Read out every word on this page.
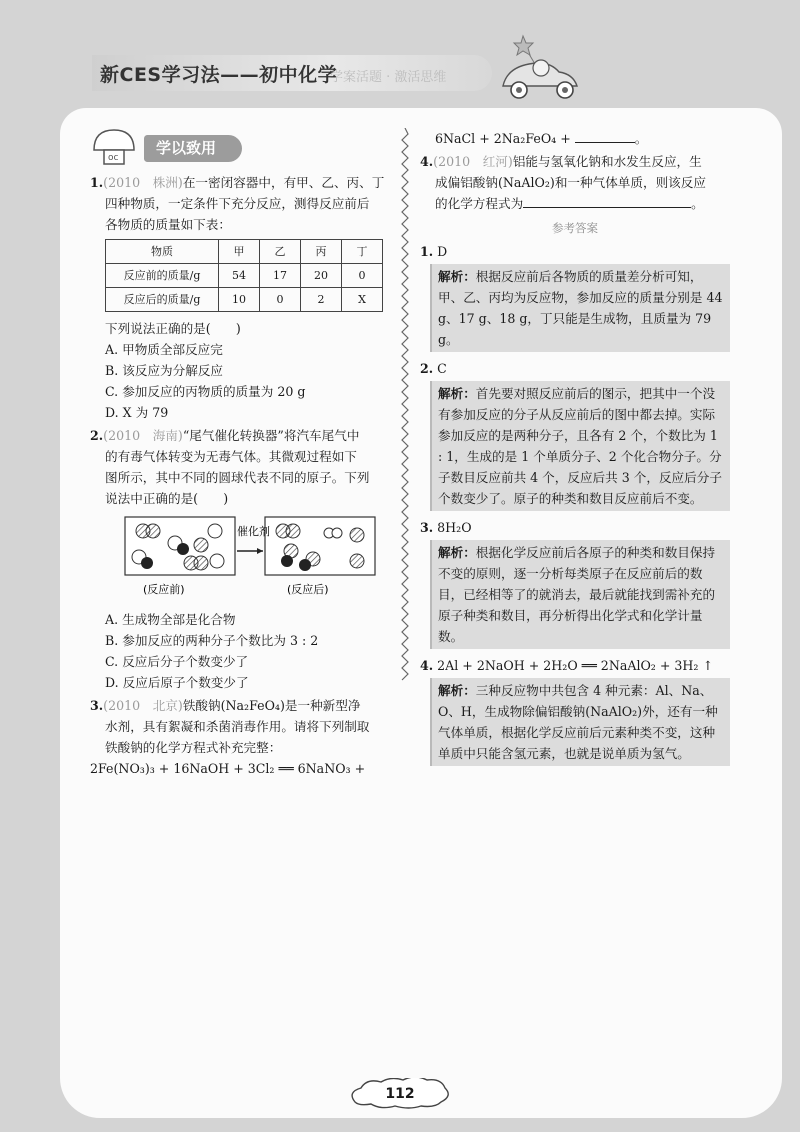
新CES学习法——初中化学
学案活题 · 激活思维
oc
学以致用
1.(2010　株洲)在一密闭容器中，有甲、乙、丙、丁
四种物质，一定条件下充分反应，测得反应前后
各物质的质量如下表：
物质	甲	乙	丙	丁
反应前的质量/g	54	17	20	0
反应后的质量/g	10	0	2	X
下列说法正确的是(　　)
A. 甲物质全部反应完
B. 该反应为分解反应
C. 参加反应的丙物质的质量为 20 g
D. X 为 79
2.(2010　海南)“尾气催化转换器”将汽车尾气中
的有毒气体转变为无毒气体。其微观过程如下
图所示，其中不同的圆球代表不同的原子。下列
说法中正确的是(　　)
催化剂
(反应前)	(反应后)
A. 生成物全部是化合物
B. 参加反应的两种分子个数比为 3 : 2
C. 反应后分子个数变少了
D. 反应后原子个数变少了
3.(2010　北京)铁酸钠(Na₂FeO₄)是一种新型净
水剂，具有絮凝和杀菌消毒作用。请将下列制取
铁酸钠的化学方程式补充完整：
2Fe(NO₃)₃ + 16NaOH + 3Cl₂ ══ 6NaNO₃ +
6NaCl + 2Na₂FeO₄ +	。
4.(2010　红河)铝能与氢氧化钠和水发生反应，生
成偏铝酸钠(NaAlO₂)和一种气体单质，则该反应
的化学方程式为	。
参考答案
1. D
解析：根据反应前后各物质的质量差分析可知，甲、乙、丙均为反应物，参加反应的质量分别是 44 g、17 g、18 g，丁只能是生成物，且质量为 79 g。
2. C
解析：首先要对照反应前后的图示，把其中一个没有参加反应的分子从反应前后的图中都去掉。实际参加反应的是两种分子，且各有 2 个，个数比为 1 : 1，生成的是 1 个单质分子、2 个化合物分子。分子数目反应前共 4 个，反应后共 3 个，反应后分子个数变少了。原子的种类和数目反应前后不变。
3. 8H₂O
解析：根据化学反应前后各原子的种类和数目保持不变的原则，逐一分析每类原子在反应前后的数目，已经相等了的就消去，最后就能找到需补充的原子种类和数目，再分析得出化学式和化学计量数。
4. 2Al + 2NaOH + 2H₂O ══ 2NaAlO₂ + 3H₂ ↑
解析：三种反应物中共包含 4 种元素：Al、Na、O、H，生成物除偏铝酸钠(NaAlO₂)外，还有一种气体单质，根据化学反应前后元素种类不变，这种单质中只能含氢元素，也就是说单质为氢气。
112
